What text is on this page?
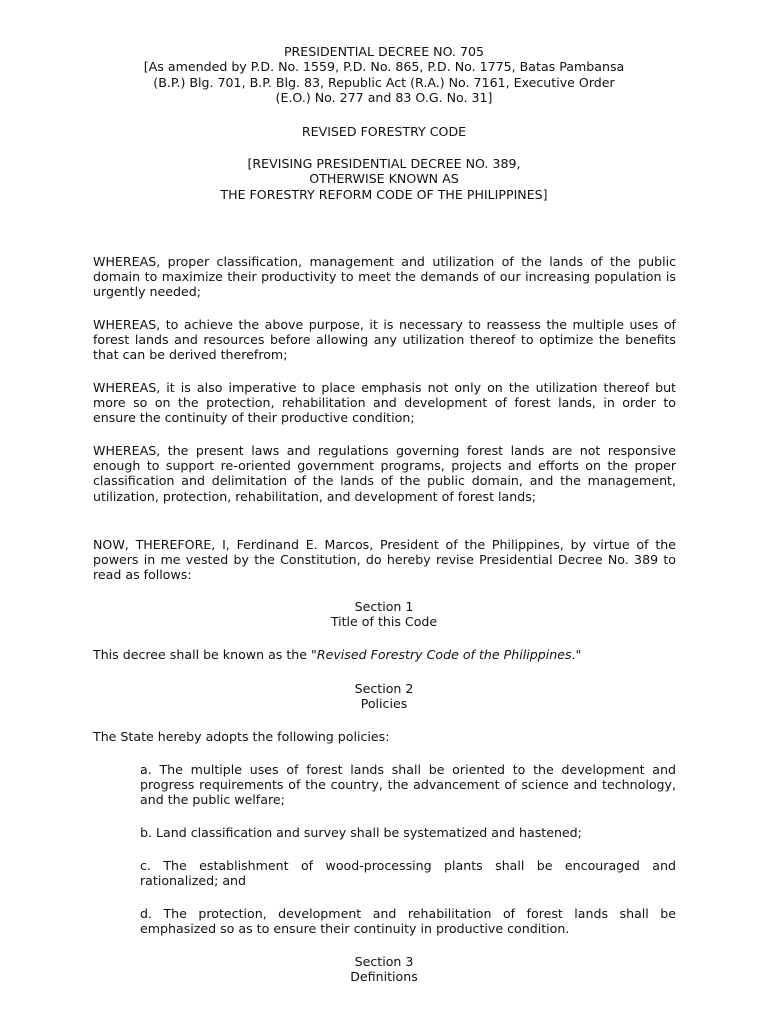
PRESIDENTIAL DECREE NO. 705

[As amended by P.D. No. 1559, P.D. No. 865, P.D. No. 1775, Batas Pambansa

(B.P.) Blg. 701, B.P. Blg. 83, Republic Act (R.A.) No. 7161, Executive Order

(E.O.) No. 277 and 83 O.G. No. 31]

REVISED FORESTRY CODE

[REVISING PRESIDENTIAL DECREE NO. 389,

OTHERWISE KNOWN AS

THE FORESTRY REFORM CODE OF THE PHILIPPINES]

WHEREAS, proper classification, management and utilization of the lands of the public domain to maximize their productivity to meet the demands of our increasing population is urgently needed;

WHEREAS, to achieve the above purpose, it is necessary to reassess the multiple uses of forest lands and resources before allowing any utilization thereof to optimize the benefits that can be derived therefrom;

WHEREAS, it is also imperative to place emphasis not only on the utilization thereof but more so on the protection, rehabilitation and development of forest lands, in order to ensure the continuity of their productive condition;

WHEREAS, the present laws and regulations governing forest lands are not responsive enough to support re-oriented government programs, projects and efforts on the proper classification and delimitation of the lands of the public domain, and the management, utilization, protection, rehabilitation, and development of forest lands;

NOW, THEREFORE, I, Ferdinand E. Marcos, President of the Philippines, by virtue of the powers in me vested by the Constitution, do hereby revise Presidential Decree No. 389 to read as follows:

Section 1

Title of this Code

This decree shall be known as the "Revised Forestry Code of the Philippines."

Section 2

Policies

The State hereby adopts the following policies:

a. The multiple uses of forest lands shall be oriented to the development and progress requirements of the country, the advancement of science and technology, and the public welfare;

b. Land classification and survey shall be systematized and hastened;

c. The establishment of wood-processing plants shall be encouraged and rationalized; and

d. The protection, development and rehabilitation of forest lands shall be emphasized so as to ensure their continuity in productive condition.

Section 3

Definitions
